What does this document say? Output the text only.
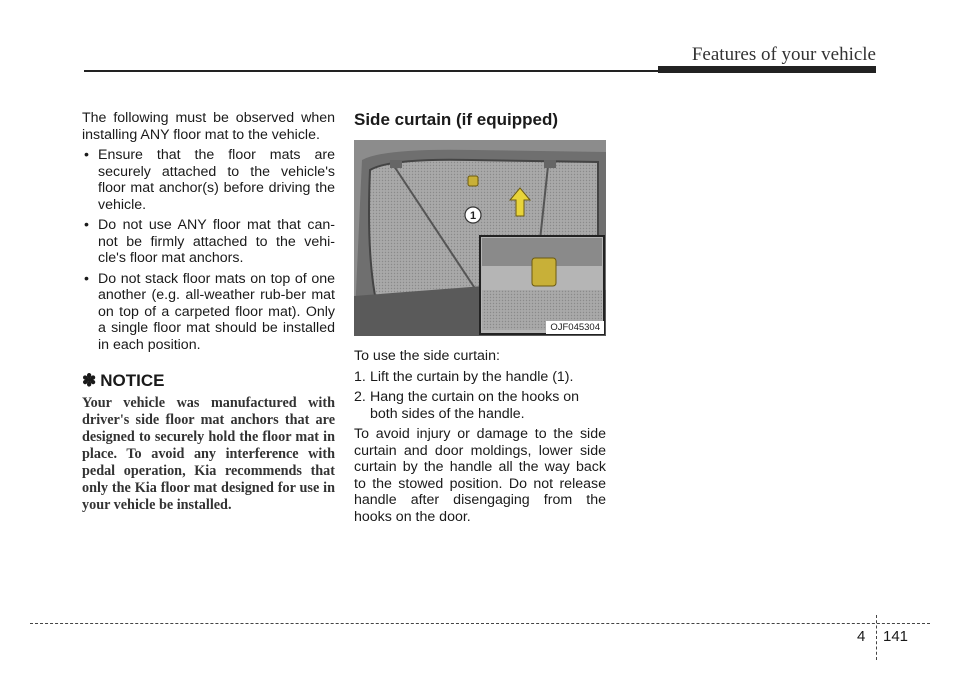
Features of your vehicle

The following must be observed when installing ANY floor mat to the vehicle.

• Ensure that the floor mats are securely attached to the vehicle's floor mat anchor(s) before driving the vehicle.
• Do not use ANY floor mat that can-not be firmly attached to the vehi-cle's floor mat anchors.
• Do not stack floor mats on top of one another (e.g. all-weather rub-ber mat on top of a carpeted floor mat). Only a single floor mat should be installed in each position.
✽ NOTICE
Your vehicle was manufactured with driver's side floor mat anchors that are designed to securely hold the floor mat in place. To avoid any interference with pedal operation, Kia recommends that only the Kia floor mat designed for use in your vehicle be installed.
Side curtain (if equipped)
1
OJF045304

To use the side curtain:

1. Lift the curtain by the handle (1).
2. Hang the curtain on the hooks on both sides of the handle.

To avoid injury or damage to the side curtain and door moldings, lower side curtain by the handle all the way back to the stowed position. Do not release handle after disengaging from the hooks on the door.

4 141
